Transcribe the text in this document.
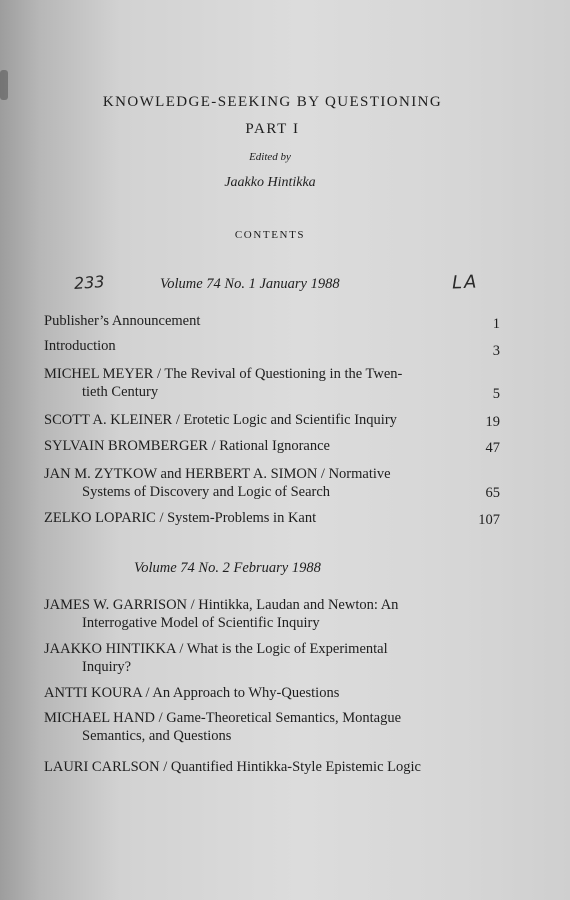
KNOWLEDGE-SEEKING BY QUESTIONING
PART I
Edited by
Jaakko Hintikka
CONTENTS
233	LA
Volume 74 No. 1 January 1988
Publisher’s Announcement	1
Introduction	3
MICHEL MEYER / The Revival of Questioning in the Twen-
tieth Century	5
SCOTT A. KLEINER / Erotetic Logic and Scientific Inquiry	19
SYLVAIN BROMBERGER / Rational Ignorance	47
JAN M. ZYTKOW and HERBERT A. SIMON / Normative
Systems of Discovery and Logic of Search	65
ZELKO LOPARIC / System-Problems in Kant	107
Volume 74 No. 2 February 1988
JAMES W. GARRISON / Hintikka, Laudan and Newton: An
Interrogative Model of Scientific Inquiry
JAAKKO HINTIKKA / What is the Logic of Experimental
Inquiry?
ANTTI KOURA / An Approach to Why-Questions
MICHAEL HAND / Game-Theoretical Semantics, Montague
Semantics, and Questions
LAURI CARLSON / Quantified Hintikka-Style Epistemic Logic
